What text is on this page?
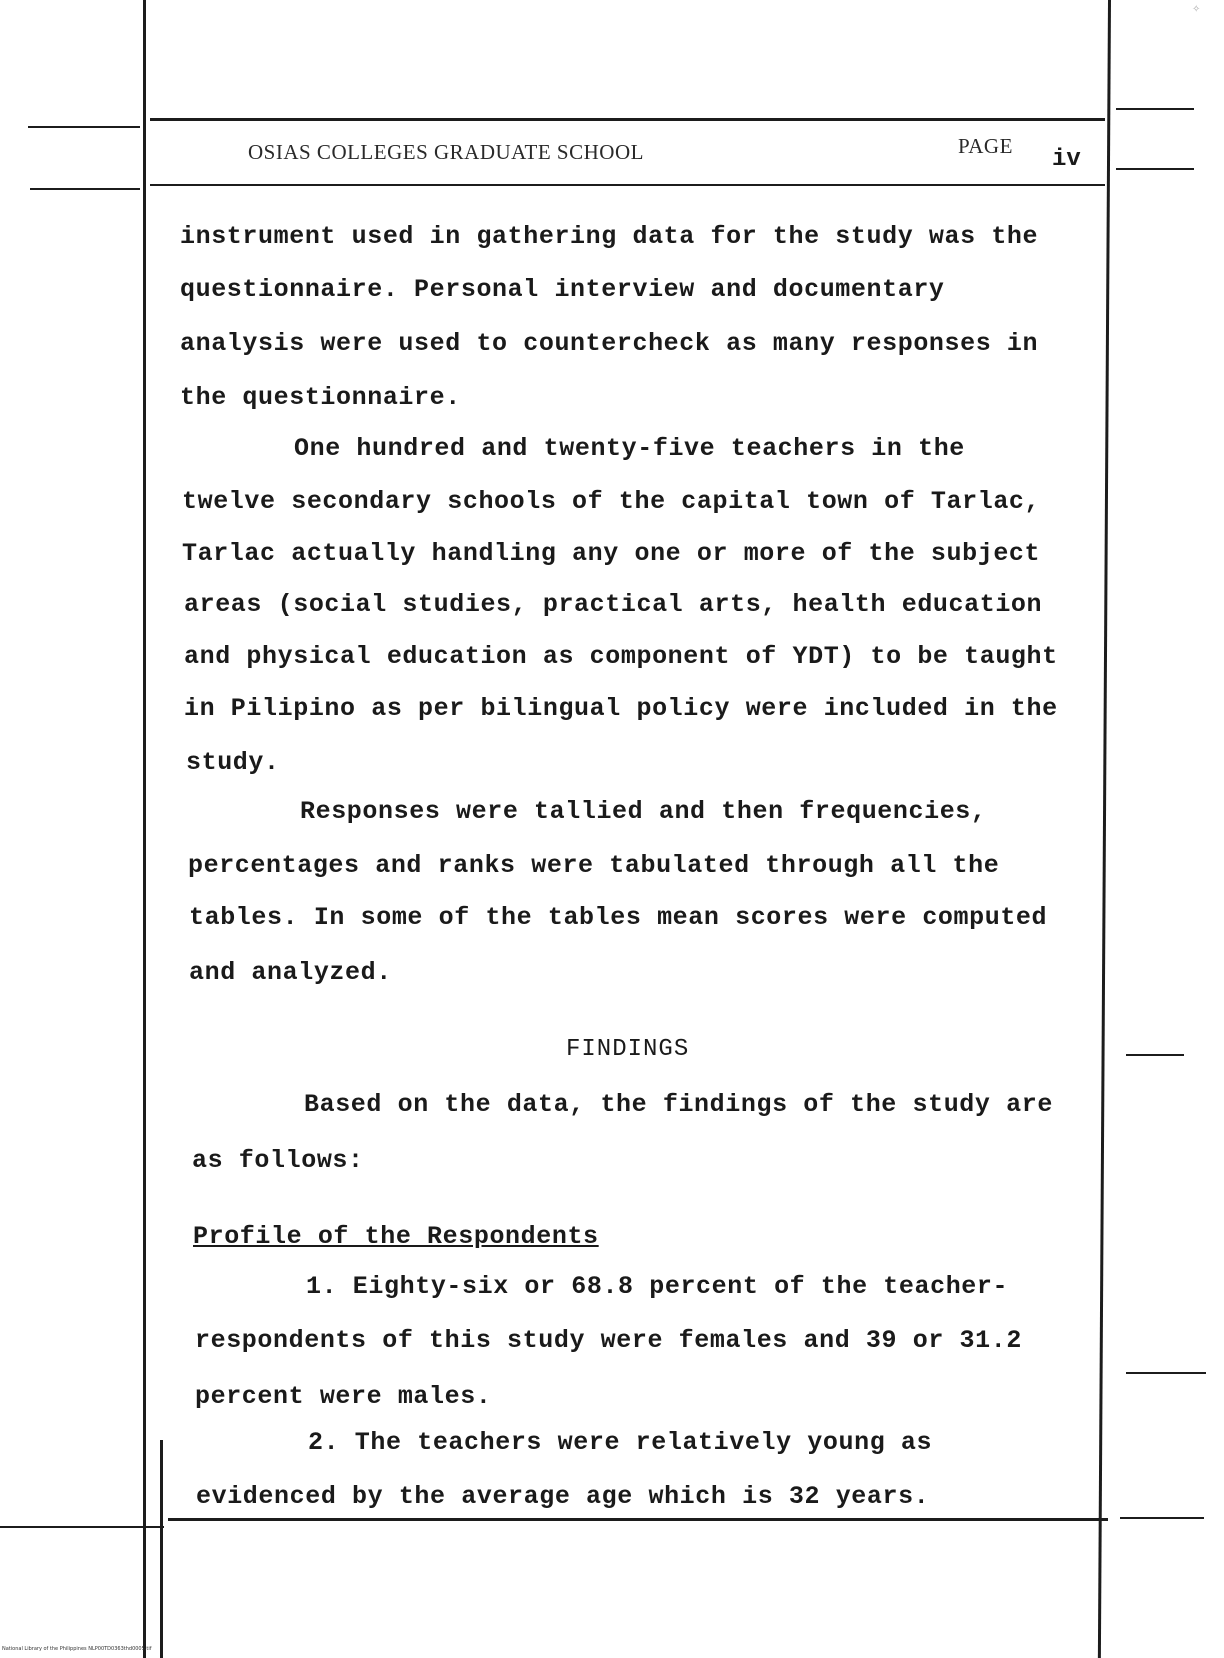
✧
OSIAS COLLEGES GRADUATE SCHOOL	PAGE iv
instrument used in gathering data for the study was the
questionnaire. Personal interview and documentary
analysis were used to countercheck as many responses in
the questionnaire.
One hundred and twenty-five teachers in the
twelve secondary schools of the capital town of Tarlac,
Tarlac actually handling any one or more of the subject
areas (social studies, practical arts, health education
and physical education as component of YDT) to be taught
in Pilipino as per bilingual policy were included in the
study.
Responses were tallied and then frequencies,
percentages and ranks were tabulated through all the
tables. In some of the tables mean scores were computed
and analyzed.
FINDINGS
Based on the data, the findings of the study are
as follows:
Profile of the Respondents
1. Eighty-six or 68.8 percent of the teacher-
respondents of this study were females and 39 or 31.2
percent were males.
2. The teachers were relatively young as
evidenced by the average age which is 32 years.
National Library of the Philippines NLP00TD0363thd0005.tif
